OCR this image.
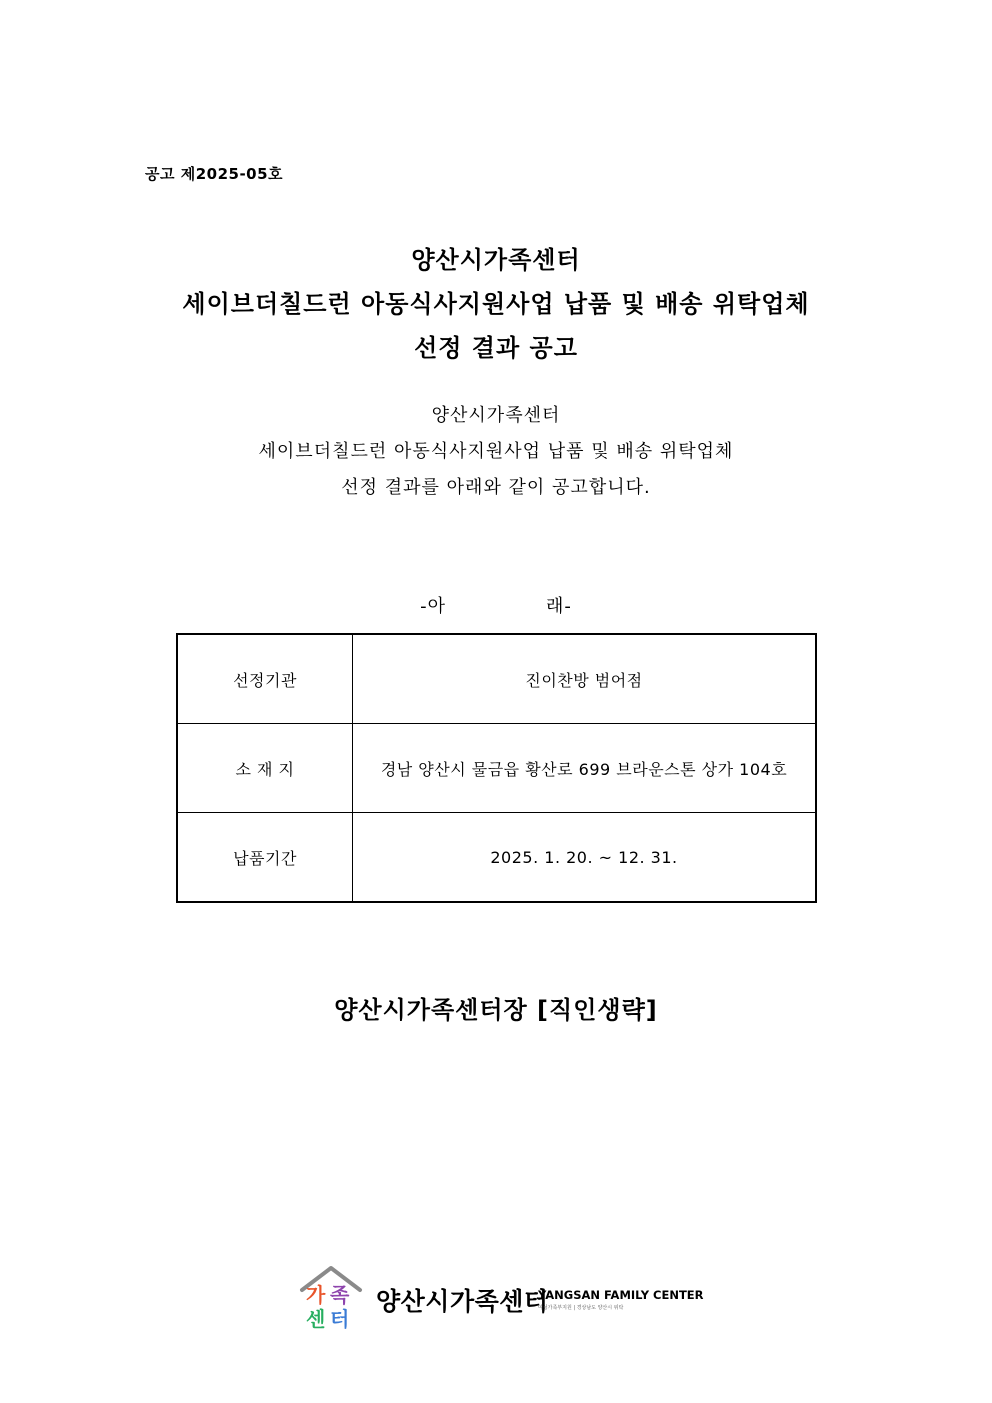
공고 제2025-05호
양산시가족센터
세이브더칠드런 아동식사지원사업 납품 및 배송 위탁업체
선정 결과 공고
양산시가족센터
세이브더칠드런 아동식사지원사업 납품 및 배송 위탁업체
선정 결과를 아래와 같이 공고합니다.
-아	래-
선정기관	진이찬방 범어점
소 재 지	경남 양산시 물금읍 황산로 699 브라운스톤 상가 104호
납품기간	2025. 1. 20. ~ 12. 31.
양산시가족센터장 [직인생략]
가 족
센 터
양산시가족센터
YANGSAN FAMILY CENTER
여성가족부지원 | 경상남도 양산시 위탁
